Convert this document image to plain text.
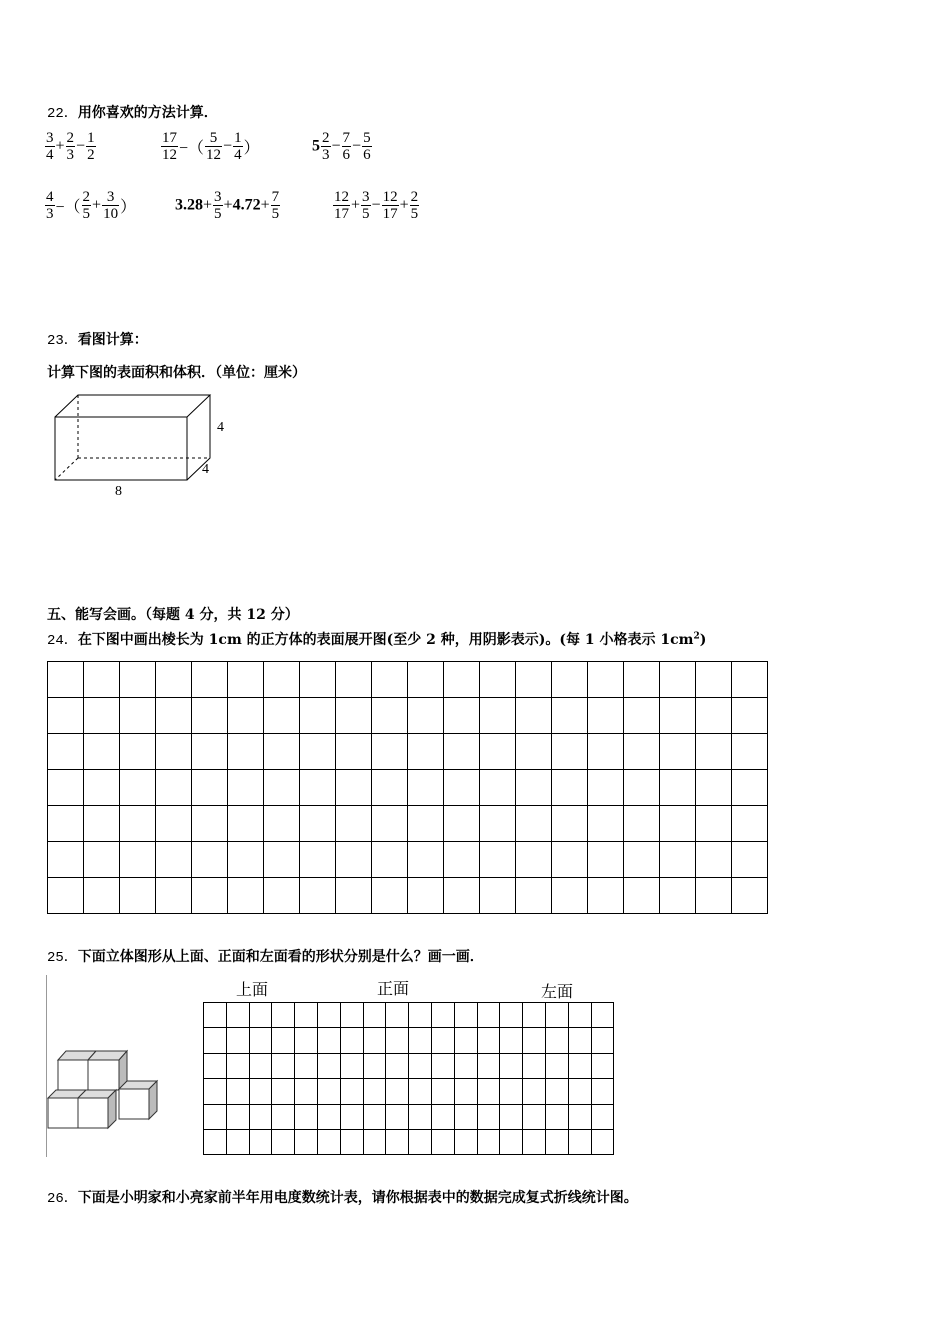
22．用你喜欢的方法计算．
$\frac{3}{4} + \frac{2}{3} - \frac{1}{2}$	$\frac{17}{12}$ −（ $\frac{5}{12} - \frac{1}{4}$ ）	$5 \frac{2}{3} - \frac{7}{6} - \frac{5}{6}$
$\frac{4}{3}$ −（ $\frac{2}{5} + \frac{3}{10}$ ） $3.28+ \frac{3}{5} +4.72+ \frac{7}{5}$	$\frac{12}{17} + \frac{3}{5} - \frac{12}{17} + \frac{2}{5}$
23．看图计算：
计算下图的表面积和体积．（单位：厘米）
4
4
8
五、能写会画。（每题 4 分，共 12 分）
24．在下图中画出棱长为 1cm 的正方体的表面展开图(至少 2 种，用阴影表示)。(每 1 小格表示 $1cm^2$)

25．下面立体图形从上面、正面和左面看的形状分别是什么？画一画．
上面	正面	左面

26．下面是小明家和小亮家前半年用电度数统计表，请你根据表中的数据完成复式折线统计图。
